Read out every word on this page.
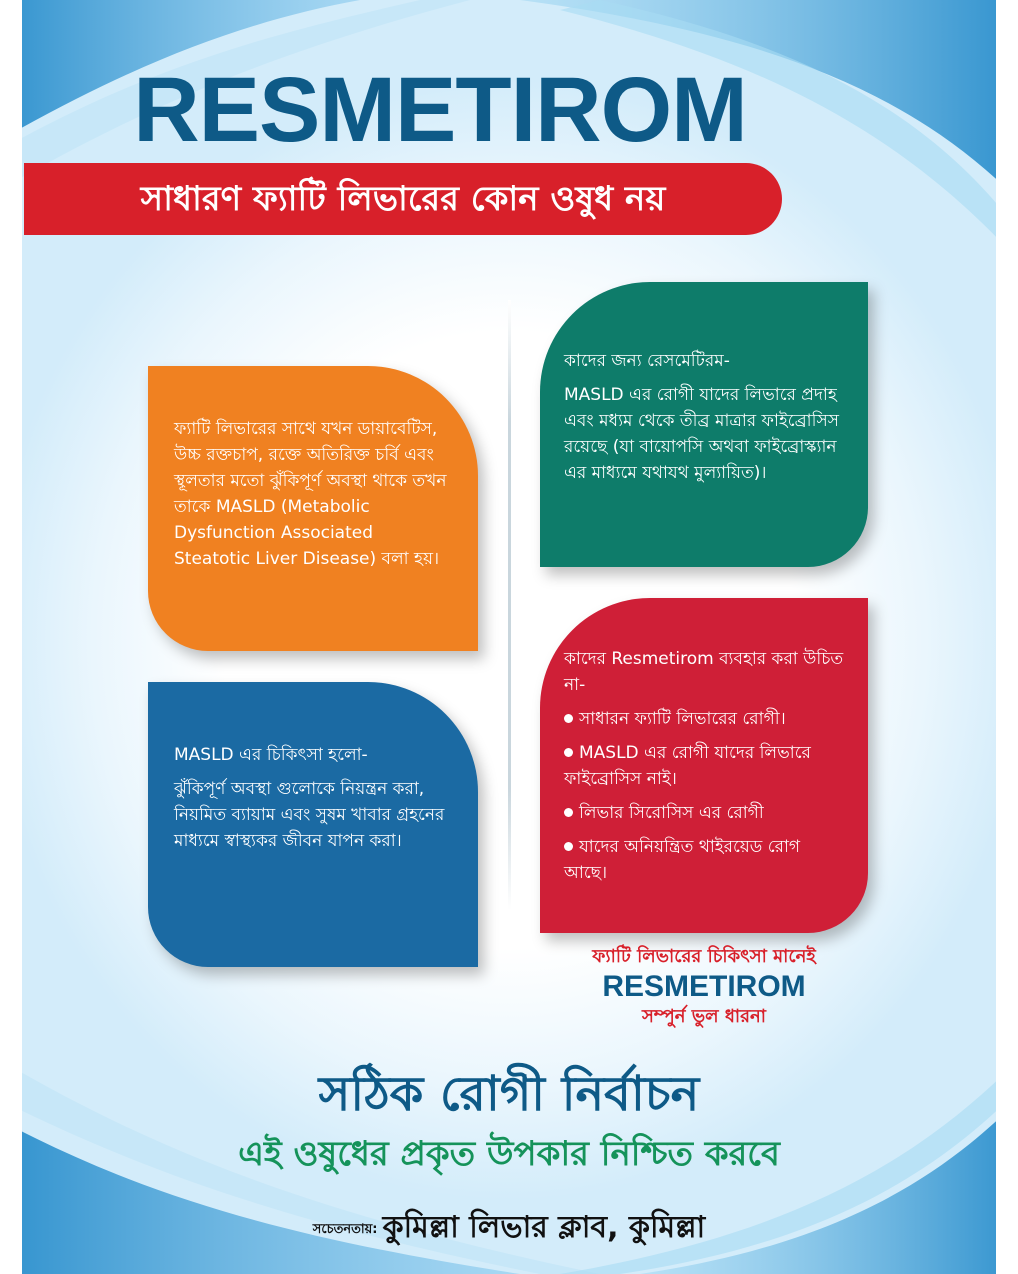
RESMETIROM
সাধারণ ফ্যাটি লিভারের কোন ওষুধ নয়

ফ্যাটি লিভারের সাথে যখন ডায়াবেটিস, উচ্চ রক্তচাপ, রক্তে অতিরিক্ত চর্বি এবং স্থূলতার মতো ঝুঁকিপূর্ণ অবস্থা থাকে তখন তাকে MASLD (Metabolic Dysfunction Associated Steatotic Liver Disease) বলা হয়।

MASLD এর চিকিৎসা হলো-

ঝুঁকিপূর্ণ অবস্থা গুলোকে নিয়ন্ত্রন করা, নিয়মিত ব্যায়াম এবং সুষম খাবার গ্রহনের মাধ্যমে স্বাস্থ্যকর জীবন যাপন করা।

কাদের জন্য রেসমেটিরম-

MASLD এর রোগী যাদের লিভারে প্রদাহ এবং মধ্যম থেকে তীব্র মাত্রার ফাইব্রোসিস রয়েছে (যা বায়োপসি অথবা ফাইব্রোস্ক্যান এর মাধ্যমে যথাযথ মুল্যায়িত)।

কাদের Resmetirom ব্যবহার করা উচিত না-

সাধারন ফ্যাটি লিভারের রোগী।
MASLD এর রোগী যাদের লিভারে ফাইব্রোসিস নাই।
লিভার সিরোসিস এর রোগী
যাদের অনিয়ন্ত্রিত থাইরয়েড রোগ আছে।
ফ্যাটি লিভারের চিকিৎসা মানেই
RESMETIROM
সম্পুর্ন ভুল ধারনা
সঠিক রোগী নির্বাচন
এই ওষুধের প্রকৃত উপকার নিশ্চিত করবে
$^{সচেতনতায়:}$ কুমিল্লা লিভার ক্লাব, কুমিল্লা
